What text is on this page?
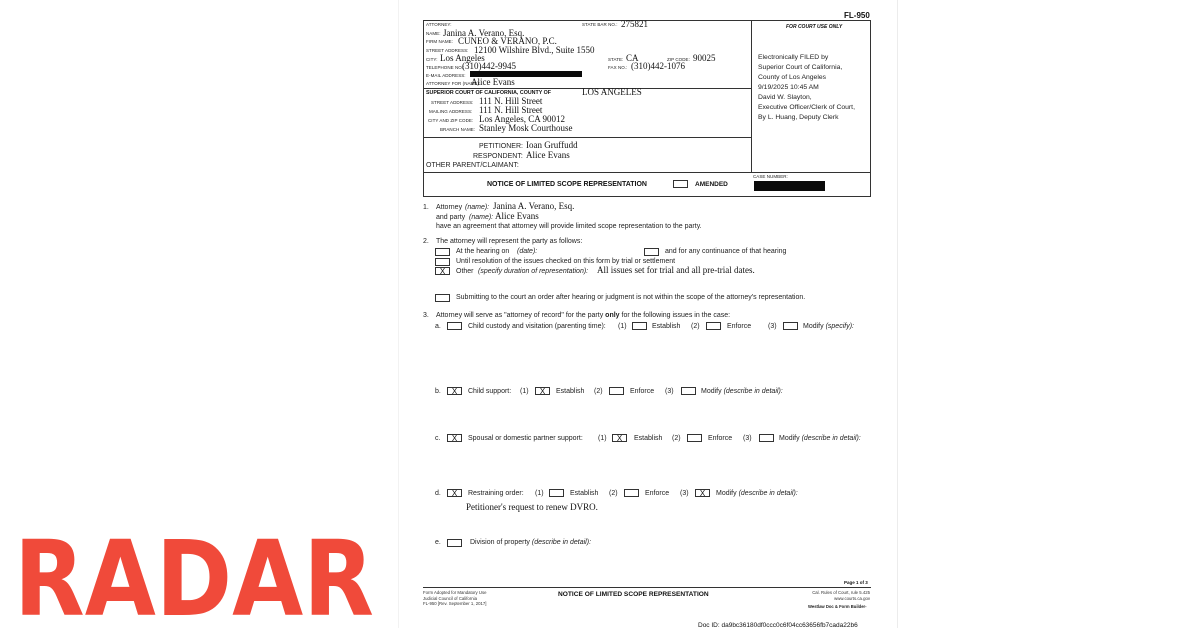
FL-950
ATTORNEY:	STATE BAR NO.: 275821
NAME: Janina A. Verano, Esq.
FIRM NAME: CUNEO & VERANO, P.C.
STREET ADDRESS: 12100 Wilshire Blvd., Suite 1550
CITY: Los Angeles	STATE: CA	ZIP CODE: 90025
TELEPHONE NO.:
(310)442-9945	FAX NO.: (310)442-1076
E-MAIL ADDRESS:
ATTORNEY FOR (NAME):
Alice Evans
FOR COURT USE ONLY
Electronically FILED by
Superior Court of California,
County of Los Angeles
9/19/2025 10:45 AM
David W. Slayton,
Executive Officer/Clerk of Court,
By L. Huang, Deputy Clerk
SUPERIOR COURT OF CALIFORNIA, COUNTY OF	LOS ANGELES
STREET ADDRESS: 111 N. Hill Street
MAILING ADDRESS: 111 N. Hill Street
CITY AND ZIP CODE: Los Angeles, CA 90012
BRANCH NAME: Stanley Mosk Courthouse
PETITIONER: Ioan Gruffudd
RESPONDENT: Alice Evans
OTHER PARENT/CLAIMANT:
NOTICE OF LIMITED SCOPE REPRESENTATION	AMENDED
CASE NUMBER:
1. Attorney (name): Janina A. Verano, Esq.
and party (name): Alice Evans
have an agreement that attorney will provide limited scope representation to the party.
2. The attorney will represent the party as follows:
At the hearing on (date):	and for any continuance of that hearing
Until resolution of the issues checked on this form by trial or settlement
X	Other (specify duration of representation): All issues set for trial and all pre-trial dates.
Submitting to the court an order after hearing or judgment is not within the scope of the attorney's representation.
3. Attorney will serve as "attorney of record" for the party only for the following issues in the case:
a.	Child custody and visitation (parenting time): (1)	Establish (2)	Enforce (3)	Modify (specify):
b.	X	Child support: (1)	X	Establish (2)	Enforce (3)	Modify (describe in detail):
c.	X	Spousal or domestic partner support: (1)	X	Establish (2)	Enforce (3)	Modify (describe in detail):
d.	X	Restraining order: (1)	Establish (2)	Enforce (3)	X	Modify (describe in detail):
Petitioner's request to renew DVRO.
e.	Division of property (describe in detail):
Page 1 of 3
Form Adopted for Mandatory Use
Judicial Council of California
FL-950 [Rev. September 1, 2017]
NOTICE OF LIMITED SCOPE REPRESENTATION	Cal. Rules of Court, rule 5.425
www.courts.ca.gov
Westlaw Doc & Form Builder-
Doc ID: da9bc36180df0ccc0c6f04cc63656fb7cada22b6
RADAR
